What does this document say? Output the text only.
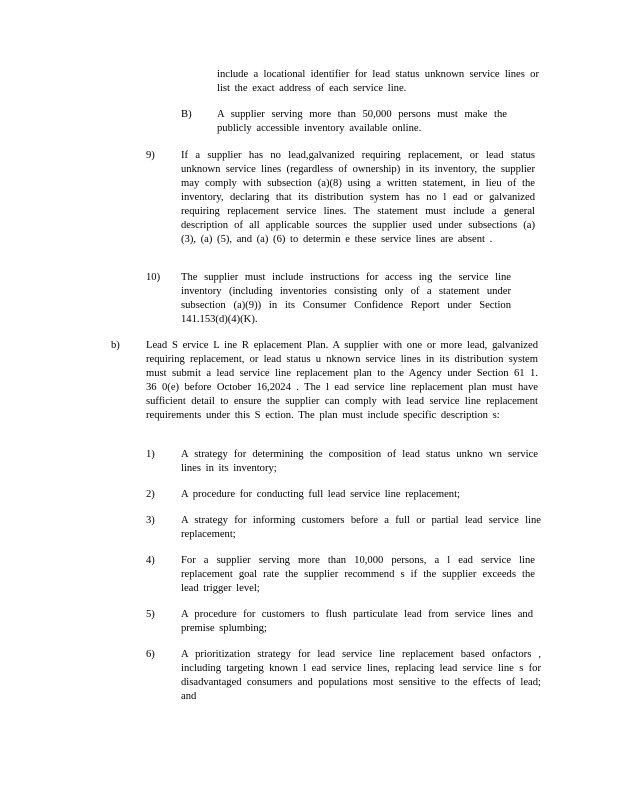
include a locational identifier for lead status unknown service lines or list the exact address of each service line.
B) A supplier serving more than 50,000 persons must make the publicly accessible inventory available online.
9) If a supplier has no lead,galvanized requiring replacement, or lead status unknown service lines (regardless of ownership) in its inventory, the supplier may comply with subsection (a)(8) using a written statement, in lieu of the inventory, declaring that its distribution system has no l ead or galvanized requiring replacement service lines. The statement must include a general description of all applicable sources the supplier used under subsections (a)(3), (a) (5), and (a) (6) to determin e these service lines are absent .
10) The supplier must include instructions for access ing the service line inventory (including inventories consisting only of a statement under subsection (a)(9)) in its Consumer Confidence Report under Section 141.153(d)(4)(K).
b) Lead S ervice L ine R eplacement Plan. A supplier with one or more lead, galvanized requiring replacement, or lead status u nknown service lines in its distribution system must submit a lead service line replacement plan to the Agency under Section 61 1. 36 0(e) before October 16,2024 . The l ead service line replacement plan must have sufficient detail to ensure the supplier can comply with lead service line replacement requirements under this S ection. The plan must include specific description s:
1) A strategy for determining the composition of lead status unkno wn service lines in its inventory;
2) A procedure for conducting full lead service line replacement;
3) A strategy for informing customers before a full or partial lead service line replacement;
4) For a supplier serving more than 10,000 persons, a l ead service line replacement goal rate the supplier recommend s if the supplier exceeds the lead trigger level;
5) A procedure for customers to flush particulate lead from service lines and premise splumbing;
6) A prioritization strategy for lead service line replacement based onfactors , including targeting known l ead service lines, replacing lead service line s for disadvantaged consumers and populations most sensitive to the effects of lead; and
